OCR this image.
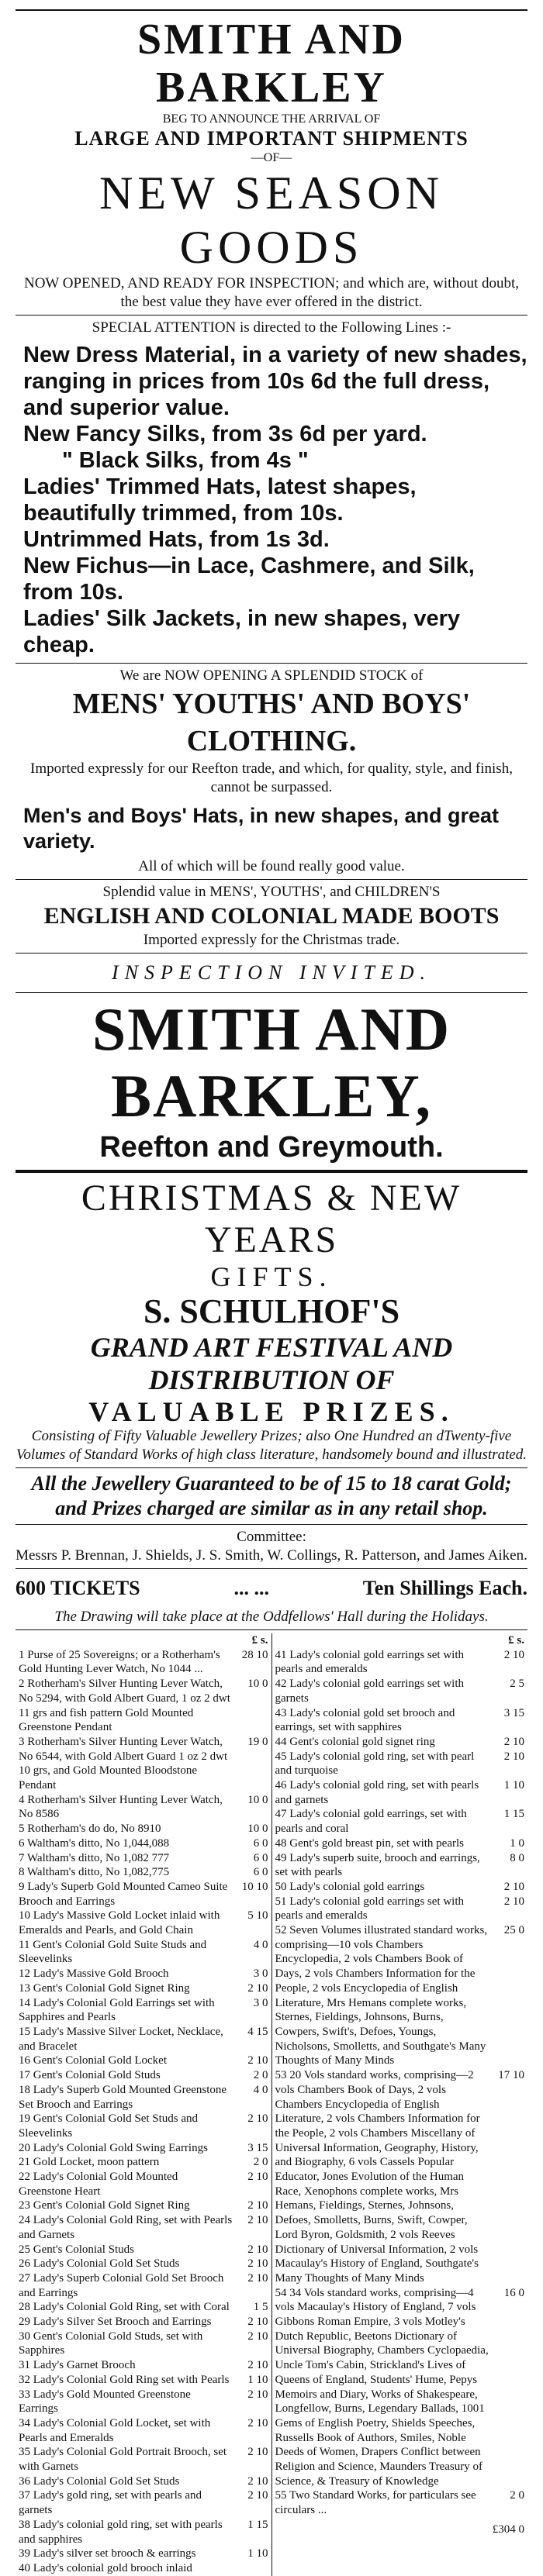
SMITH AND BARKLEY
BEG TO ANNOUNCE THE ARRIVAL OF
LARGE AND IMPORTANT SHIPMENTS
—OF—
NEW SEASON GOODS
NOW OPENED, AND READY FOR INSPECTION; and which are, without doubt, the best value they have ever offered in the district.
SPECIAL ATTENTION is directed to the Following Lines :-
New Dress Material, in a variety of new shades, ranging in prices from 10s 6d the full dress, and superior value.
New Fancy Silks, from 3s 6d per yard.
" Black Silks, from 4s "
Ladies' Trimmed Hats, latest shapes, beautifully trimmed, from 10s.
Untrimmed Hats, from 1s 3d.
New Fichus—in Lace, Cashmere, and Silk, from 10s.
Ladies' Silk Jackets, in new shapes, very cheap.
We are NOW OPENING A SPLENDID STOCK of
MENS' YOUTHS' AND BOYS' CLOTHING.
Imported expressly for our Reefton trade, and which, for quality, style, and finish, cannot be surpassed.
Men's and Boys' Hats, in new shapes, and great variety.
All of which will be found really good value.
Splendid value in MENS', YOUTHS', and CHILDREN'S
ENGLISH AND COLONIAL MADE BOOTS
Imported expressly for the Christmas trade.
INSPECTION INVITED.
SMITH AND BARKLEY,
Reefton and Greymouth.
CHRISTMAS & NEW YEARS
GIFTS.
S. SCHULHOF'S
GRAND ART FESTIVAL AND DISTRIBUTION OF
VALUABLE PRIZES.
Consisting of Fifty Valuable Jewellery Prizes; also One Hundred an dTwenty-five Volumes of Standard Works of high class literature, handsomely bound and illustrated.
All the Jewellery Guaranteed to be of 15 to 18 carat Gold; and Prizes charged are similar as in any retail shop.
Committee:
Messrs P. Brennan, J. Shields, J. S. Smith, W. Collings, R. Patterson, and James Aiken.
600 TICKETS	... ...	Ten Shillings Each.
The Drawing will take place at the Oddfellows' Hall during the Holidays.
£ s.
1 Purse of 25 Sovereigns; or a Rotherham's Gold Hunting Lever Watch, No 1044 ...
28 10
2 Rotherham's Silver Hunting Lever Watch, No 5294, with Gold Albert Guard, 1 oz 2 dwt 11 grs and fish pattern Gold Mounted Greenstone Pendant
10 0
3 Rotherham's Silver Hunting Lever Watch, No 6544, with Gold Albert Guard 1 oz 2 dwt 10 grs, and Gold Mounted Bloodstone Pendant
19 0
4 Rotherham's Silver Hunting Lever Watch, No 8586
10 0
5 Rotherham's do do, No 8910	10 0
6 Waltham's ditto, No 1,044,088	6 0
7 Waltham's ditto, No 1,082 777	6 0
8 Waltham's ditto, No 1,082,775	6 0
9 Lady's Superb Gold Mounted Cameo Suite Brooch and Earrings
10 10
10 Lady's Massive Gold Locket inlaid with Emeralds and Pearls, and Gold Chain
5 10
11 Gent's Colonial Gold Suite Studs and Sleevelinks
4 0
12 Lady's Massive Gold Brooch	3 0
13 Gent's Colonial Gold Signet Ring	2 10
14 Lady's Colonial Gold Earrings set with Sapphires and Pearls
3 0
15 Lady's Massive Silver Locket, Necklace, and Bracelet
4 15
16 Gent's Colonial Gold Locket	2 10
17 Gent's Colonial Gold Studs	2 0
18 Lady's Superb Gold Mounted Greenstone Set Brooch and Earrings
4 0
19 Gent's Colonial Gold Set Studs and Sleevelinks
2 10
20 Lady's Colonial Gold Swing Earrings	3 15
21 Gold Locket, moon pattern	2 0
22 Lady's Colonial Gold Mounted Greenstone Heart
2 10
23 Gent's Colonial Gold Signet Ring	2 10
24 Lady's Colonial Gold Ring, set with Pearls and Garnets
2 10
25 Gent's Colonial Studs	2 10
26 Lady's Colonial Gold Set Studs	2 10
27 Lady's Superb Colonial Gold Set Brooch and Earrings
2 10
28 Lady's Colonial Gold Ring, set with Coral	1 5
29 Lady's Silver Set Brooch and Earrings	2 10
30 Gent's Colonial Gold Studs, set with Sapphires
2 10
31 Lady's Garnet Brooch	2 10
32 Lady's Colonial Gold Ring set with Pearls	1 10
33 Lady's Gold Mounted Greenstone Earrings
2 10
34 Lady's Colonial Gold Locket, set with Pearls and Emeralds
2 10
35 Lady's Colonial Gold Portrait Brooch, set with Garnets
2 10
36 Lady's Colonial Gold Set Studs	2 10
37 Lady's gold ring, set with pearls and garnets
2 10
38 Lady's colonial gold ring, set with pearls and sapphires
1 15
39 Lady's silver set brooch & earrings	1 10
40 Lady's colonial gold brooch inlaid
£ s.
41 Lady's colonial gold earrings set with pearls and emeralds
2 10
42 Lady's colonial gold earrings set with garnets
2 5
43 Lady's colonial gold set brooch and earrings, set with sapphires
3 15
44 Gent's colonial gold signet ring	2 10
45 Lady's colonial gold ring, set with pearl and turquoise
2 10
46 Lady's colonial gold ring, set with pearls and garnets
1 10
47 Lady's colonial gold earrings, set with pearls and coral
1 15
48 Gent's gold breast pin, set with pearls	1 0
49 Lady's superb suite, brooch and earrings, set with pearls
8 0
50 Lady's colonial gold earrings	2 10
51 Lady's colonial gold earrings set with pearls and emeralds
2 10
52 Seven Volumes illustrated standard works, comprising—10 vols Chambers Encyclopedia, 2 vols Chambers Book of Days, 2 vols Chambers Information for the People, 2 vols Encyclopedia of English Literature, Mrs Hemans complete works, Sternes, Fieldings, Johnsons, Burns, Cowpers, Swift's, Defoes, Youngs, Nicholsons, Smolletts, and Southgate's Many Thoughts of Many Minds
25 0
53 20 Vols standard works, comprising—2 vols Chambers Book of Days, 2 vols Chambers Encyclopedia of English Literature, 2 vols Chambers Information for the People, 2 vols Chambers Miscellany of Universal Information, Geography, History, and Biography, 6 vols Cassels Popular Educator, Jones Evolution of the Human Race, Xenophons complete works, Mrs Hemans, Fieldings, Sternes, Johnsons, Defoes, Smolletts, Burns, Swift, Cowper, Lord Byron, Goldsmith, 2 vols Reeves Dictionary of Universal Information, 2 vols Macaulay's History of England, Southgate's Many Thoughts of Many Minds
17 10
54 34 Vols standard works, comprising—4 vols Macaulay's History of England, 7 vols Gibbons Roman Empire, 3 vols Motley's Dutch Republic, Beetons Dictionary of Universal Biography, Chambers Cyclopaedia, Uncle Tom's Cabin, Strickland's Lives of Queens of England, Students' Hume, Pepys Memoirs and Diary, Works of Shakespeare, Longfellow, Burns, Legendary Ballads, 1001 Gems of English Poetry, Shields Speeches, Russells Book of Authors, Smiles, Noble Deeds of Women, Drapers Conflict between Religion and Science, Maunders Treasury of Science, & Treasury of Knowledge
16 0
55 Two Standard Works, for particulars see circulars ...
2 0
£304 0
